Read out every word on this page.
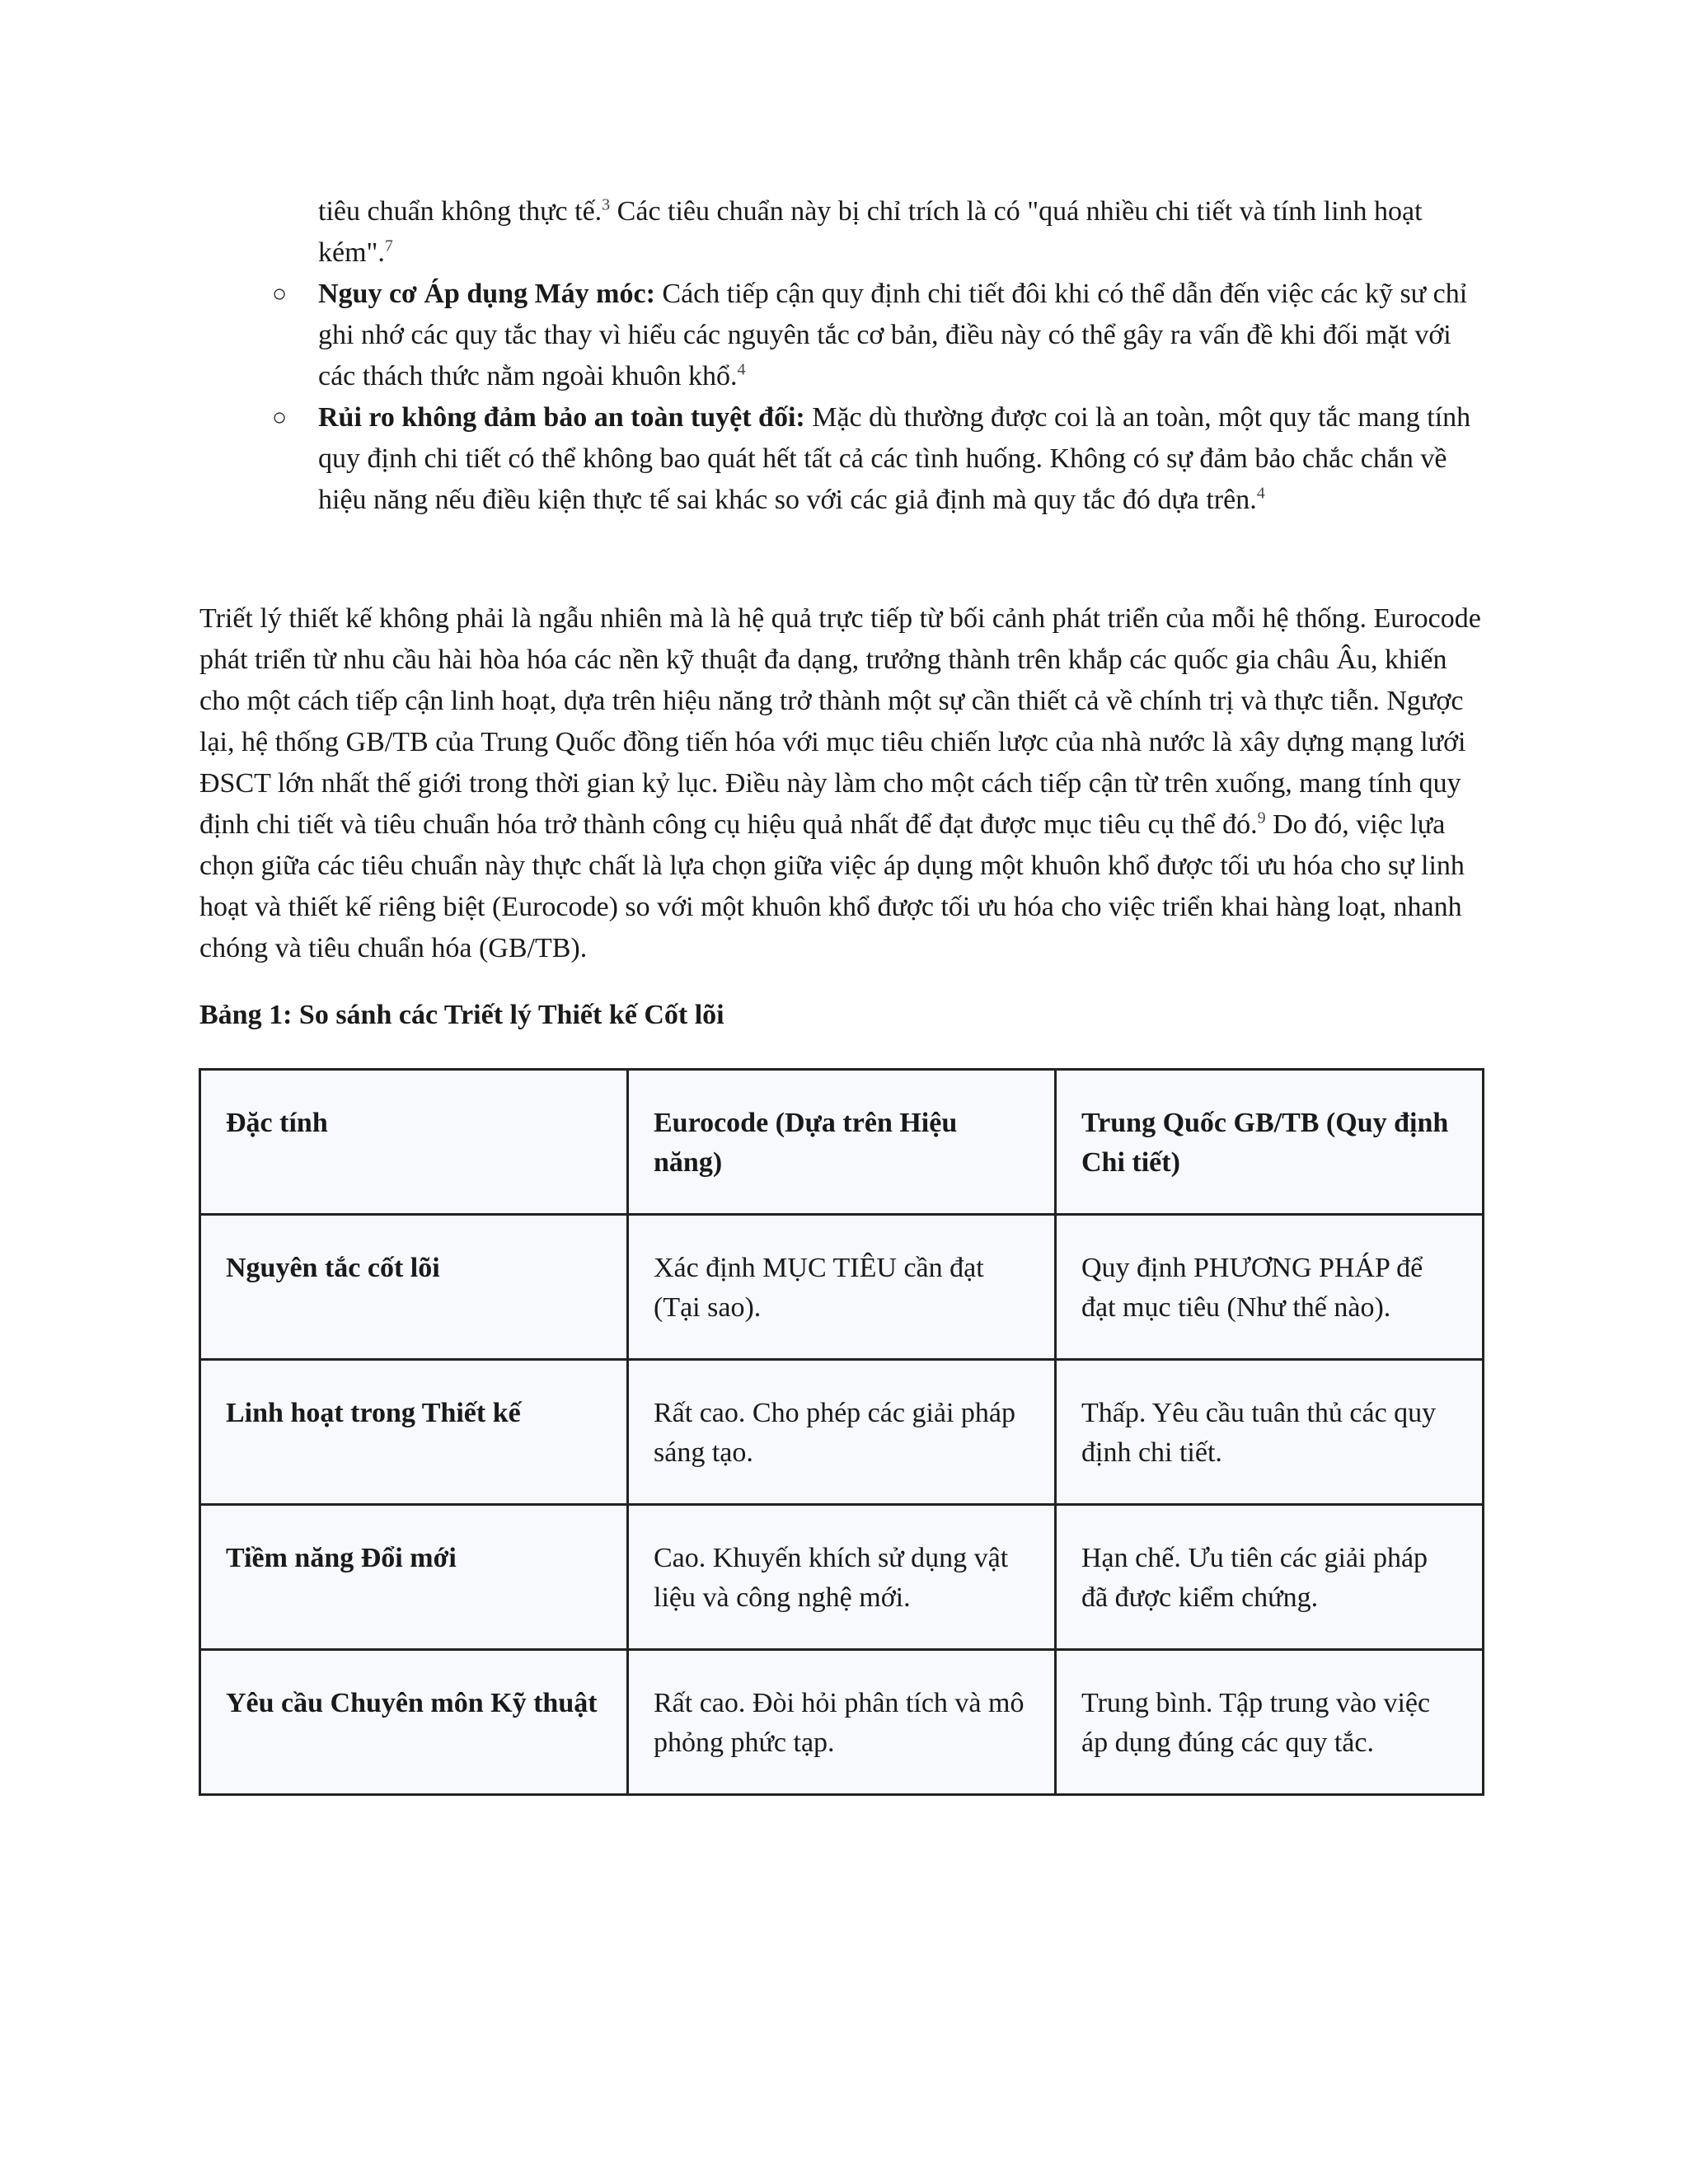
tiêu chuẩn không thực tế.$^3$ Các tiêu chuẩn này bị chỉ trích là có "quá nhiều chi tiết và tính linh hoạt kém".$^7$
○ Nguy cơ Áp dụng Máy móc: Cách tiếp cận quy định chi tiết đôi khi có thể dẫn đến việc các kỹ sư chỉ ghi nhớ các quy tắc thay vì hiểu các nguyên tắc cơ bản, điều này có thể gây ra vấn đề khi đối mặt với các thách thức nằm ngoài khuôn khổ.$^4$
○ Rủi ro không đảm bảo an toàn tuyệt đối: Mặc dù thường được coi là an toàn, một quy tắc mang tính quy định chi tiết có thể không bao quát hết tất cả các tình huống. Không có sự đảm bảo chắc chắn về hiệu năng nếu điều kiện thực tế sai khác so với các giả định mà quy tắc đó dựa trên.$^4$

Triết lý thiết kế không phải là ngẫu nhiên mà là hệ quả trực tiếp từ bối cảnh phát triển của mỗi hệ thống. Eurocode phát triển từ nhu cầu hài hòa hóa các nền kỹ thuật đa dạng, trưởng thành trên khắp các quốc gia châu Âu, khiến cho một cách tiếp cận linh hoạt, dựa trên hiệu năng trở thành một sự cần thiết cả về chính trị và thực tiễn. Ngược lại, hệ thống GB/TB của Trung Quốc đồng tiến hóa với mục tiêu chiến lược của nhà nước là xây dựng mạng lưới ĐSCT lớn nhất thế giới trong thời gian kỷ lục. Điều này làm cho một cách tiếp cận từ trên xuống, mang tính quy định chi tiết và tiêu chuẩn hóa trở thành công cụ hiệu quả nhất để đạt được mục tiêu cụ thể đó.$^9$ Do đó, việc lựa chọn giữa các tiêu chuẩn này thực chất là lựa chọn giữa việc áp dụng một khuôn khổ được tối ưu hóa cho sự linh hoạt và thiết kế riêng biệt (Eurocode) so với một khuôn khổ được tối ưu hóa cho việc triển khai hàng loạt, nhanh chóng và tiêu chuẩn hóa (GB/TB).

Bảng 1: So sánh các Triết lý Thiết kế Cốt lõi

Đặc tính	Eurocode (Dựa trên Hiệu năng)	Trung Quốc GB/TB (Quy định Chi tiết)
Nguyên tắc cốt lõi	Xác định MỤC TIÊU cần đạt (Tại sao).	Quy định PHƯƠNG PHÁP để đạt mục tiêu (Như thế nào).
Linh hoạt trong Thiết kế	Rất cao. Cho phép các giải pháp sáng tạo.	Thấp. Yêu cầu tuân thủ các quy định chi tiết.
Tiềm năng Đổi mới	Cao. Khuyến khích sử dụng vật liệu và công nghệ mới.	Hạn chế. Ưu tiên các giải pháp đã được kiểm chứng.
Yêu cầu Chuyên môn Kỹ thuật	Rất cao. Đòi hỏi phân tích và mô phỏng phức tạp.	Trung bình. Tập trung vào việc áp dụng đúng các quy tắc.
